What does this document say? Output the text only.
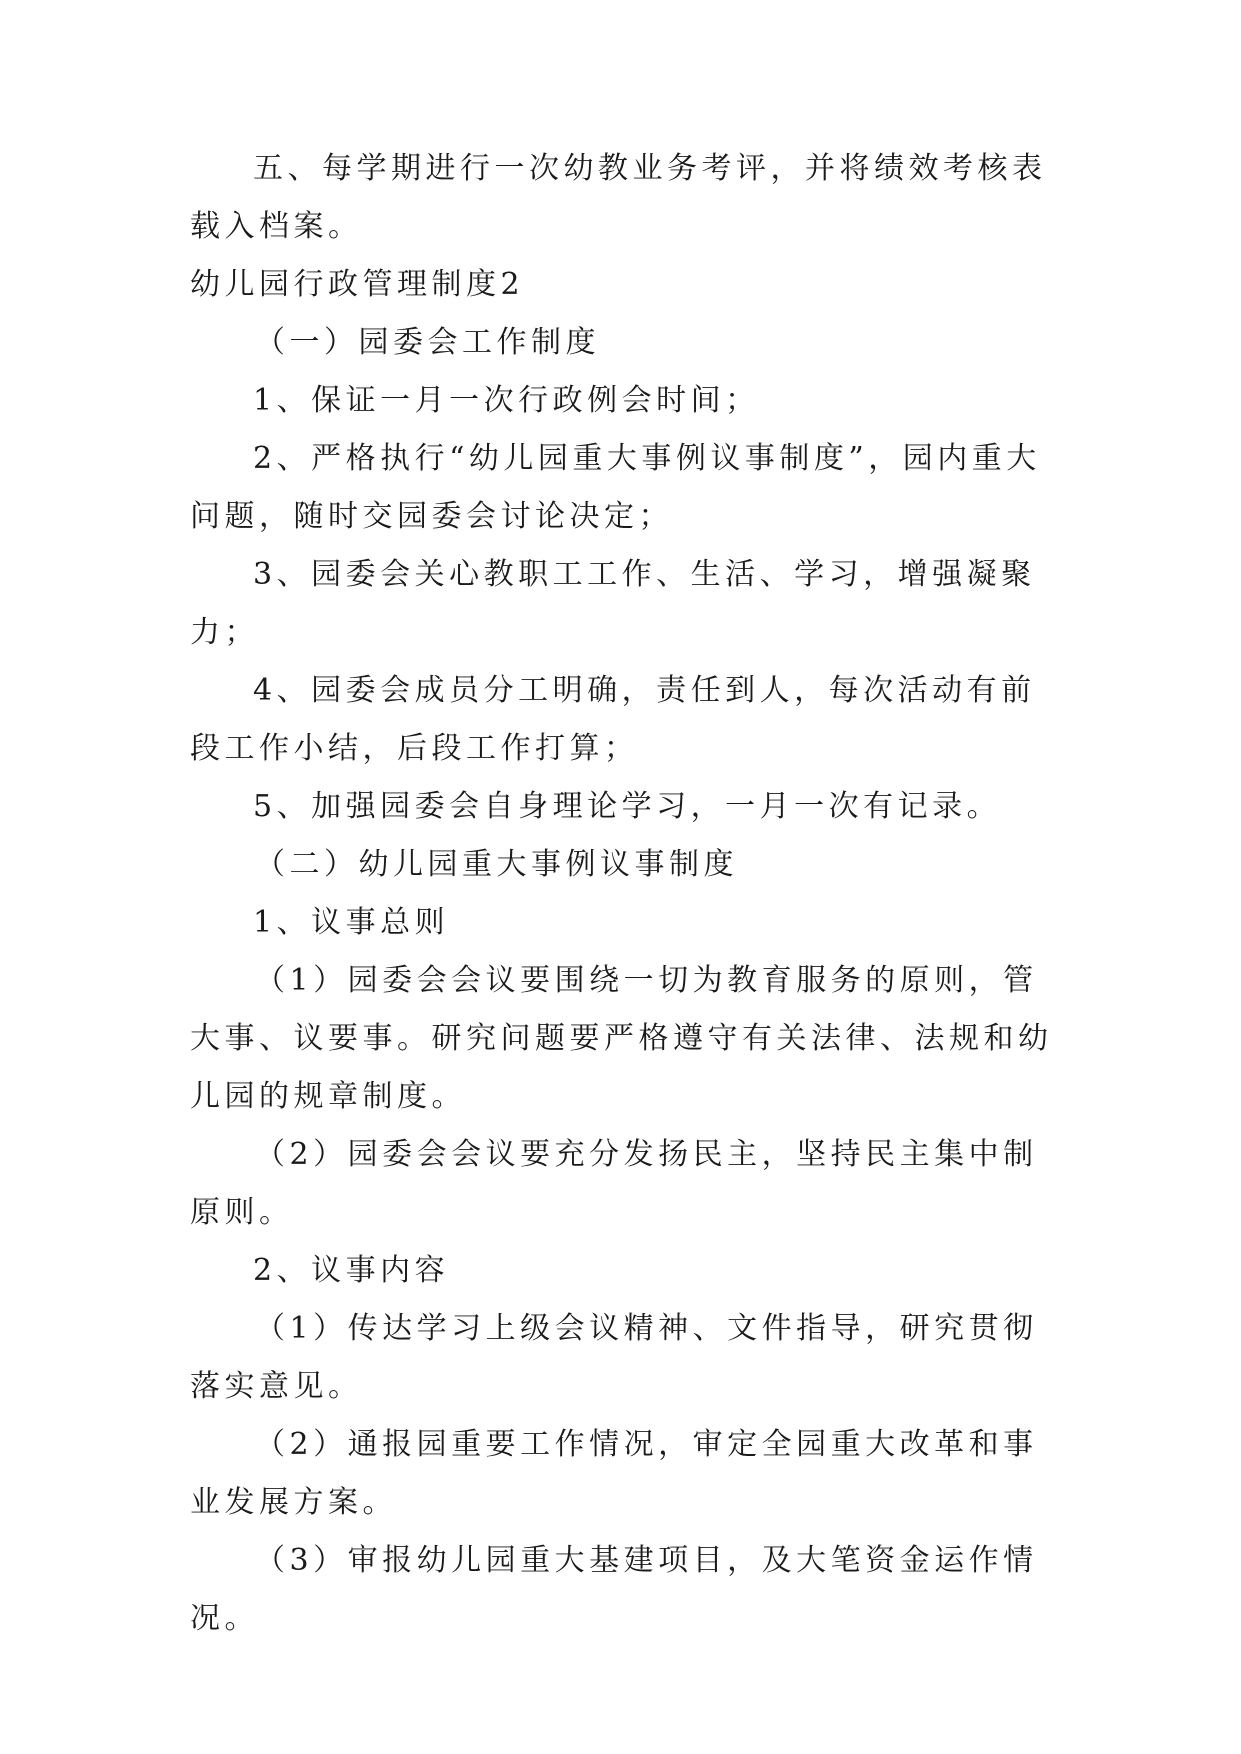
五、每学期进行一次幼教业务考评，并将绩效考核表载入档案。

幼儿园行政管理制度2

（一）园委会工作制度

1、保证一月一次行政例会时间；

2、严格执行“幼儿园重大事例议事制度”，园内重大问题，随时交园委会讨论决定；

3、园委会关心教职工工作、生活、学习，增强凝聚力；

4、园委会成员分工明确，责任到人，每次活动有前段工作小结，后段工作打算；

5、加强园委会自身理论学习，一月一次有记录。

（二）幼儿园重大事例议事制度

1、议事总则

（1）园委会会议要围绕一切为教育服务的原则，管大事、议要事。研究问题要严格遵守有关法律、法规和幼儿园的规章制度。

（2）园委会会议要充分发扬民主，坚持民主集中制原则。

2、议事内容

（1）传达学习上级会议精神、文件指导，研究贯彻落实意见。

（2）通报园重要工作情况，审定全园重大改革和事业发展方案。

（3）审报幼儿园重大基建项目，及大笔资金运作情况。
